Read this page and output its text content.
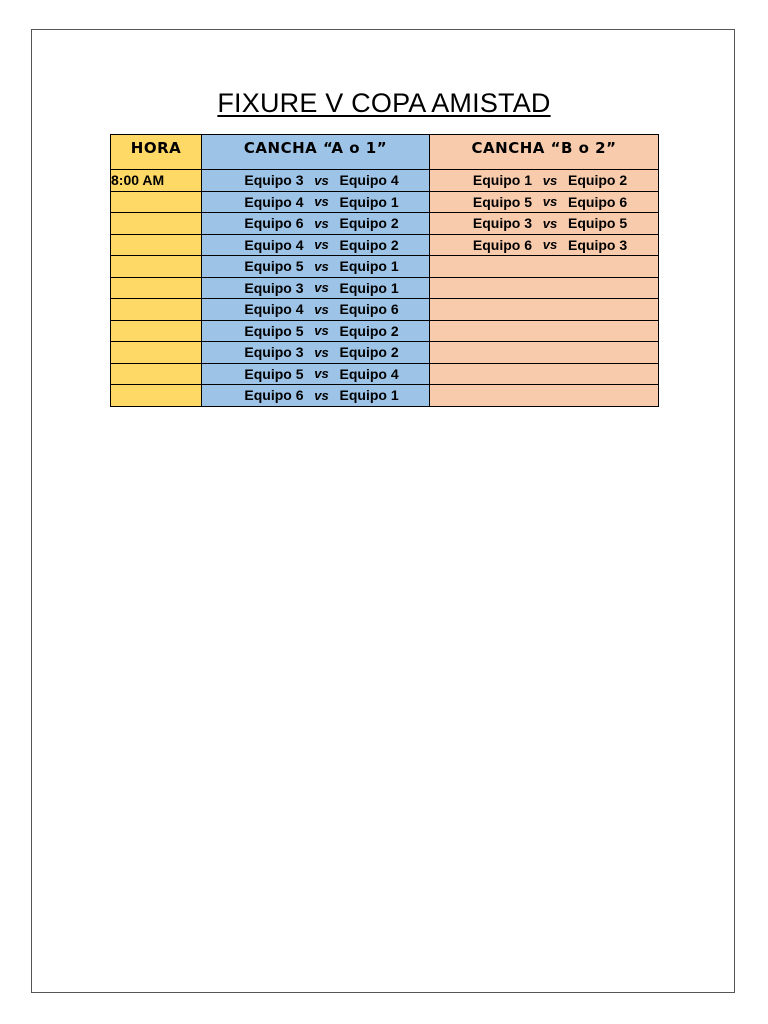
FIXURE V COPA AMISTAD
HORA	CANCHA “A o 1”	CANCHA “B o 2”
8:00 AM	Equipo 3 vs Equipo 4	Equipo 1 vs Equipo 2

	Equipo 4 vs Equipo 1	Equipo 5 vs Equipo 6

	Equipo 6 vs Equipo 2	Equipo 3 vs Equipo 5

	Equipo 4 vs Equipo 2	Equipo 6 vs Equipo 3

	Equipo 5 vs Equipo 1	

	Equipo 3 vs Equipo 1	

	Equipo 4 vs Equipo 6	

	Equipo 5 vs Equipo 2	

	Equipo 3 vs Equipo 2	

	Equipo 5 vs Equipo 4	

	Equipo 6 vs Equipo 1	
